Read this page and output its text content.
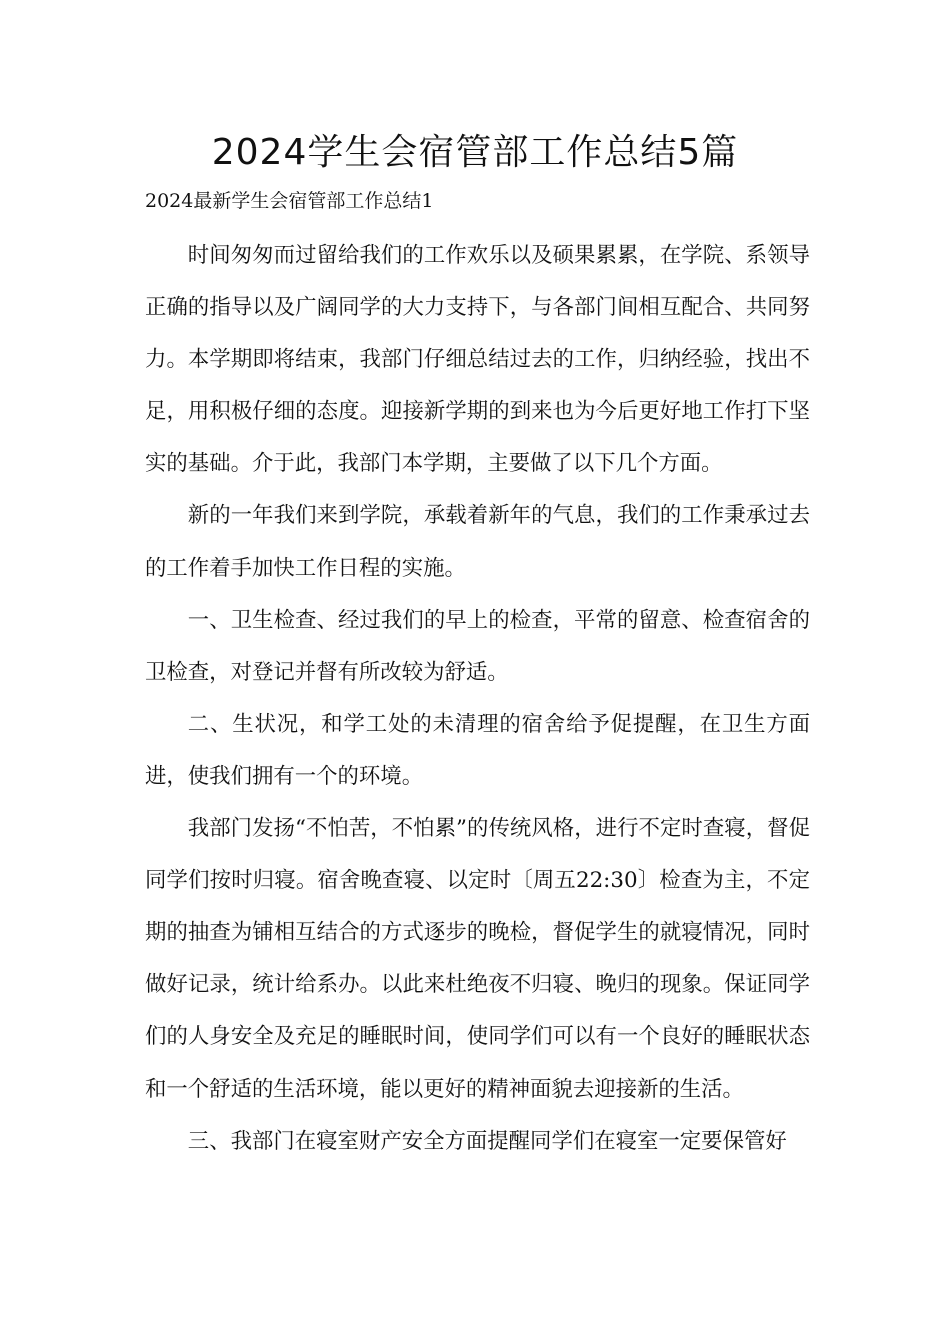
2024学生会宿管部工作总结5篇

2024最新学生会宿管部工作总结1

时间匆匆而过留给我们的工作欢乐以及硕果累累，在学院、系领导正确的指导以及广阔同学的大力支持下，与各部门间相互配合、共同努力。本学期即将结束，我部门仔细总结过去的工作，归纳经验，找出不足，用积极仔细的态度。迎接新学期的到来也为今后更好地工作打下坚实的基础。介于此，我部门本学期，主要做了以下几个方面。

新的一年我们来到学院，承载着新年的气息，我们的工作秉承过去的工作着手加快工作日程的实施。

一、卫生检查、经过我们的早上的检查，平常的留意、检查宿舍的卫检查，对登记并督有所改较为舒适。

二、生状况，和学工处的未清理的宿舍给予促提醒，在卫生方面进，使我们拥有一个的环境。

我部门发扬“不怕苦，不怕累”的传统风格，进行不定时查寝，督促同学们按时归寝。宿舍晚查寝、以定时〔周五22:30〕检查为主，不定期的抽查为铺相互结合的方式逐步的晚检，督促学生的就寝情况，同时做好记录，统计给系办。以此来杜绝夜不归寝、晚归的现象。保证同学们的人身安全及充足的睡眠时间，使同学们可以有一个良好的睡眠状态和一个舒适的生活环境，能以更好的精神面貌去迎接新的生活。

三、我部门在寝室财产安全方面提醒同学们在寝室一定要保管好
